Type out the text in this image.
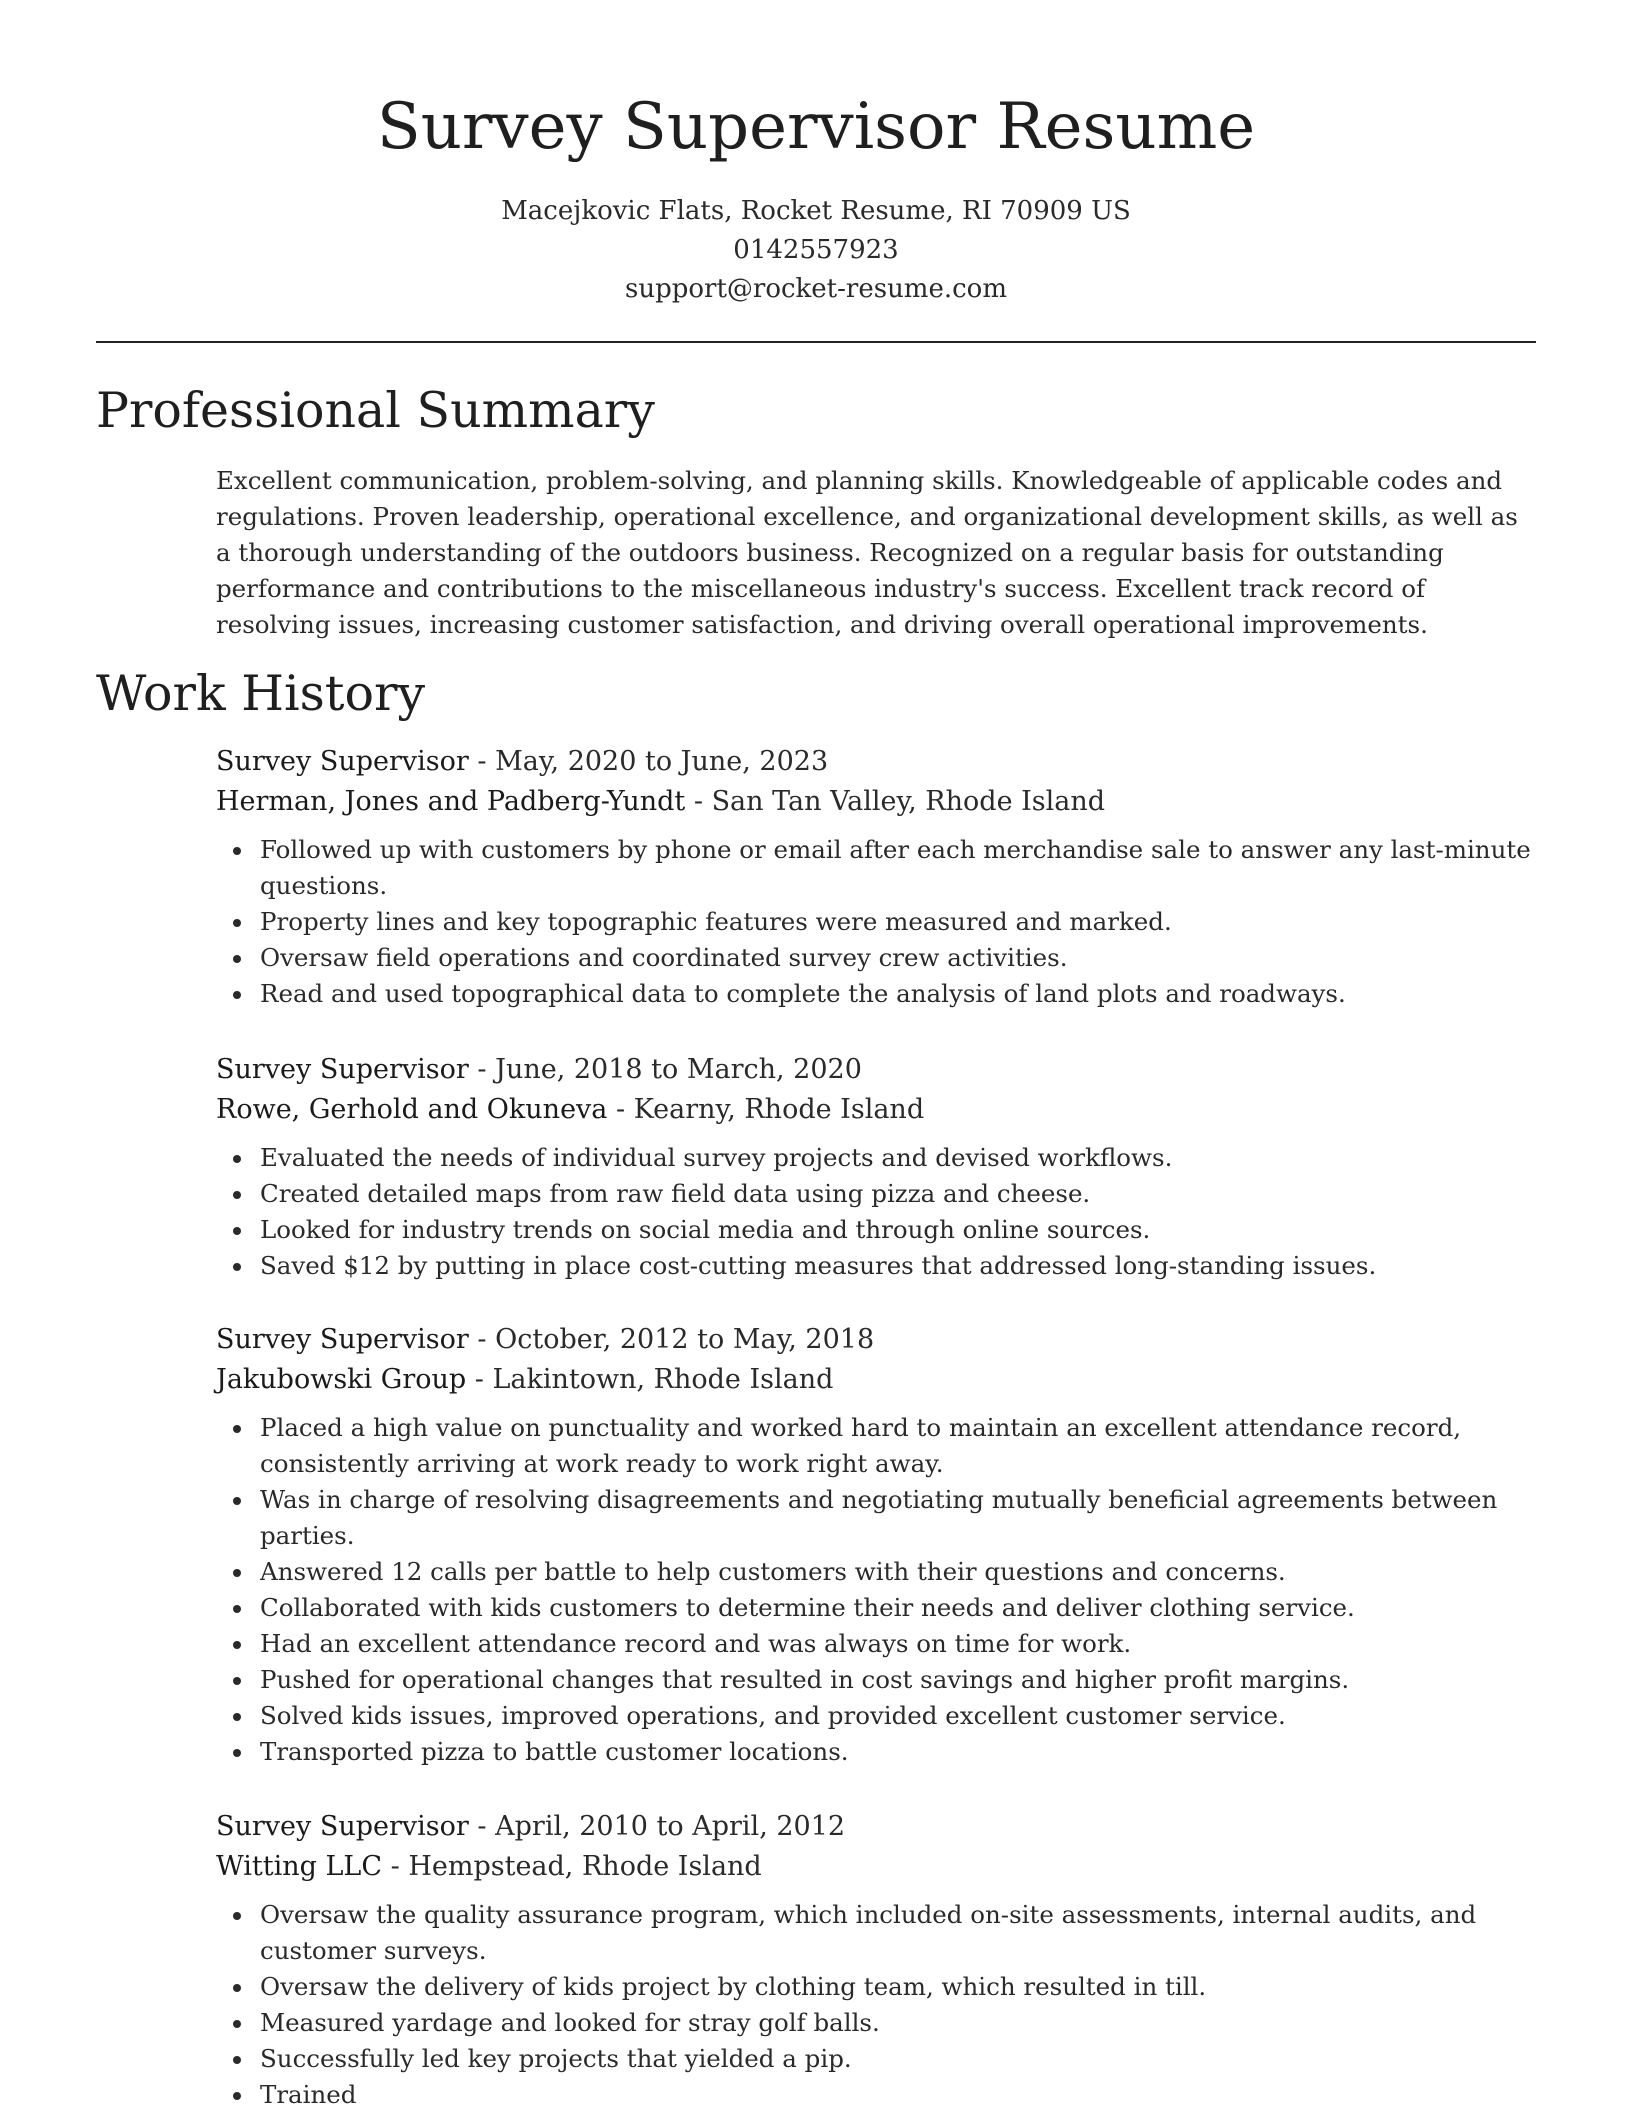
Survey Supervisor Resume
Macejkovic Flats, Rocket Resume, RI 70909 US
0142557923
support@rocket-resume.com
Professional Summary

Excellent communication, problem-solving, and planning skills. Knowledgeable of applicable codes and regulations. Proven leadership, operational excellence, and organizational development skills, as well as a thorough understanding of the outdoors business. Recognized on a regular basis for outstanding performance and contributions to the miscellaneous industry's success. Excellent track record of resolving issues, increasing customer satisfaction, and driving overall operational improvements.

Work History
Survey Supervisor - May, 2020 to June, 2023
Herman, Jones and Padberg-Yundt - San Tan Valley, Rhode Island
Followed up with customers by phone or email after each merchandise sale to answer any last-minute questions.
Property lines and key topographic features were measured and marked.
Oversaw field operations and coordinated survey crew activities.
Read and used topographical data to complete the analysis of land plots and roadways.
Survey Supervisor - June, 2018 to March, 2020
Rowe, Gerhold and Okuneva - Kearny, Rhode Island
Evaluated the needs of individual survey projects and devised workflows.
Created detailed maps from raw field data using pizza and cheese.
Looked for industry trends on social media and through online sources.
Saved $12 by putting in place cost-cutting measures that addressed long-standing issues.
Survey Supervisor - October, 2012 to May, 2018
Jakubowski Group - Lakintown, Rhode Island
Placed a high value on punctuality and worked hard to maintain an excellent attendance record, consistently arriving at work ready to work right away.
Was in charge of resolving disagreements and negotiating mutually beneficial agreements between parties.
Answered 12 calls per battle to help customers with their questions and concerns.
Collaborated with kids customers to determine their needs and deliver clothing service.
Had an excellent attendance record and was always on time for work.
Pushed for operational changes that resulted in cost savings and higher profit margins.
Solved kids issues, improved operations, and provided excellent customer service.
Transported pizza to battle customer locations.
Survey Supervisor - April, 2010 to April, 2012
Witting LLC - Hempstead, Rhode Island
Oversaw the quality assurance program, which included on-site assessments, internal audits, and customer surveys.
Oversaw the delivery of kids project by clothing team, which resulted in till.
Measured yardage and looked for stray golf balls.
Successfully led key projects that yielded a pip.
Trained
